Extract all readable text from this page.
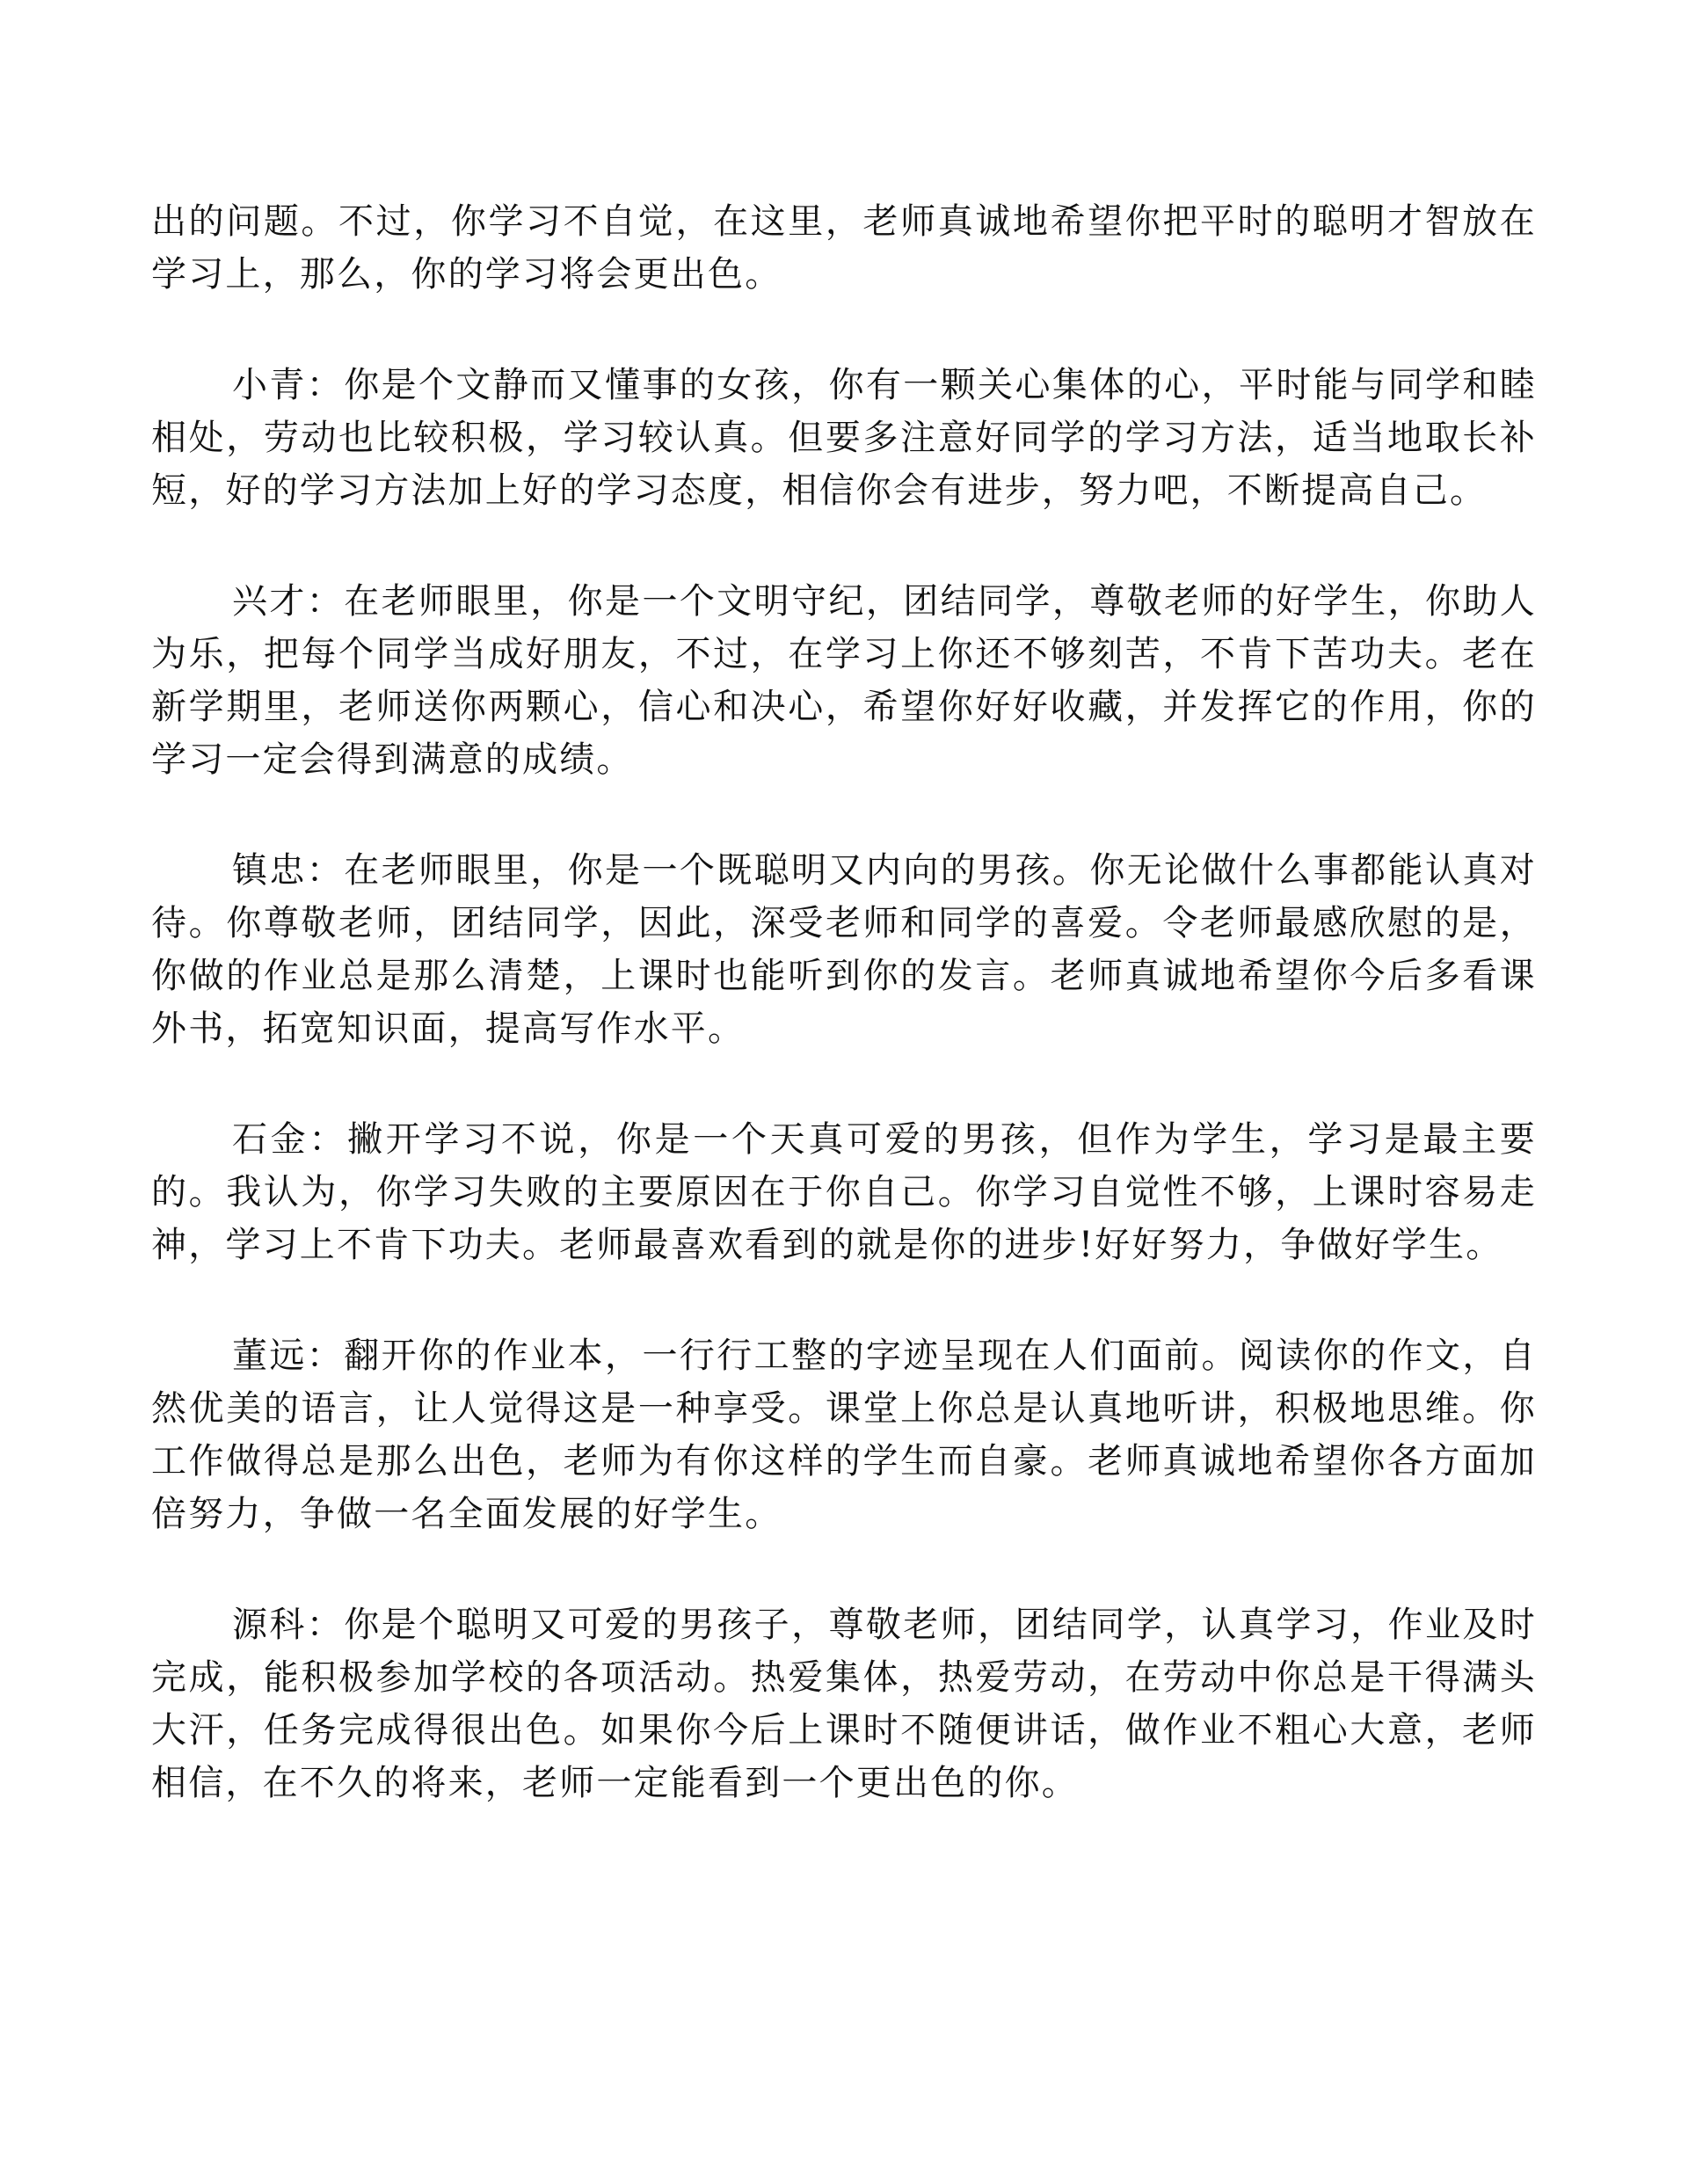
出的问题。不过，你学习不自觉，在这里，老师真诚地希望你把平时的聪明才智放在学习上，那么，你的学习将会更出色。

小青：你是个文静而又懂事的女孩，你有一颗关心集体的心，平时能与同学和睦相处，劳动也比较积极，学习较认真。但要多注意好同学的学习方法，适当地取长补短，好的学习方法加上好的学习态度，相信你会有进步，努力吧，不断提高自己。

兴才：在老师眼里，你是一个文明守纪，团结同学，尊敬老师的好学生，你助人为乐，把每个同学当成好朋友，不过，在学习上你还不够刻苦，不肯下苦功夫。老在新学期里，老师送你两颗心，信心和决心，希望你好好收藏，并发挥它的作用，你的学习一定会得到满意的成绩。

镇忠：在老师眼里，你是一个既聪明又内向的男孩。你无论做什么事都能认真对待。你尊敬老师，团结同学，因此，深受老师和同学的喜爱。令老师最感欣慰的是，你做的作业总是那么清楚，上课时也能听到你的发言。老师真诚地希望你今后多看课外书，拓宽知识面，提高写作水平。

石金：撇开学习不说，你是一个天真可爱的男孩，但作为学生，学习是最主要的。我认为，你学习失败的主要原因在于你自己。你学习自觉性不够，上课时容易走神，学习上不肯下功夫。老师最喜欢看到的就是你的进步!好好努力，争做好学生。

董远：翻开你的作业本，一行行工整的字迹呈现在人们面前。阅读你的作文，自然优美的语言，让人觉得这是一种享受。课堂上你总是认真地听讲，积极地思维。你工作做得总是那么出色，老师为有你这样的学生而自豪。老师真诚地希望你各方面加倍努力，争做一名全面发展的好学生。

源科：你是个聪明又可爱的男孩子，尊敬老师，团结同学，认真学习，作业及时完成，能积极参加学校的各项活动。热爱集体，热爱劳动，在劳动中你总是干得满头大汗，任务完成得很出色。如果你今后上课时不随便讲话，做作业不粗心大意，老师相信，在不久的将来，老师一定能看到一个更出色的你。
